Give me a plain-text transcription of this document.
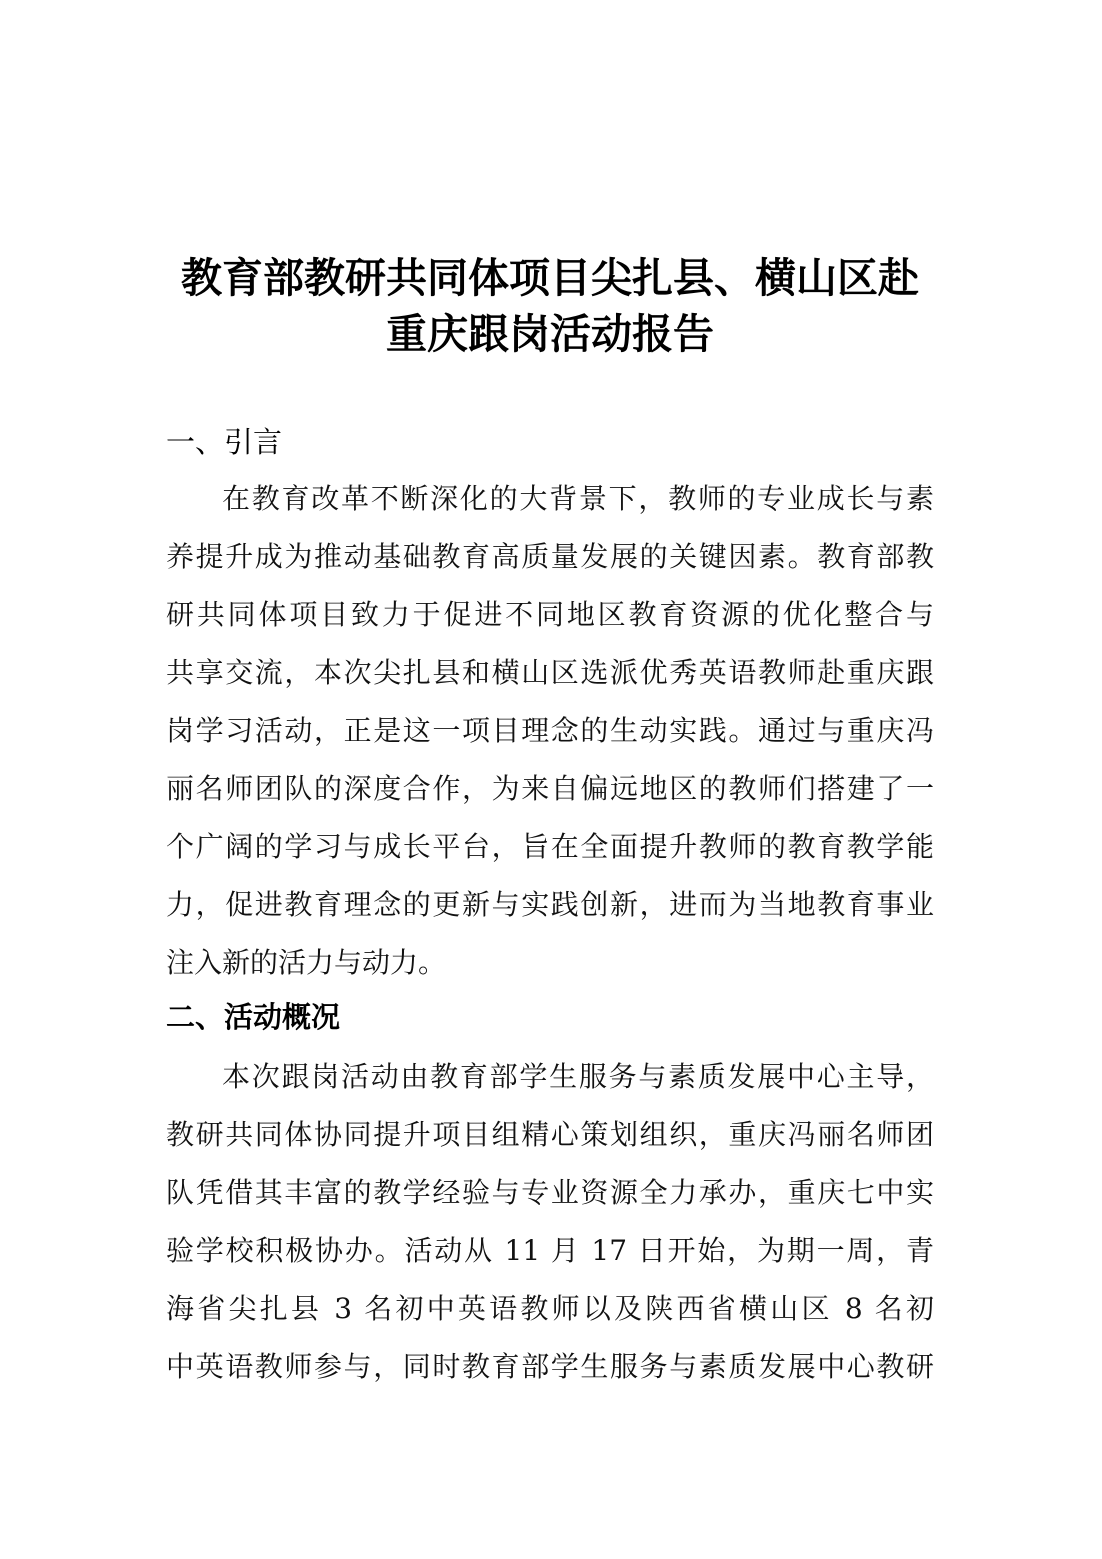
教育部教研共同体项目尖扎县、横山区赴
重庆跟岗活动报告
一、引言
在教育改革不断深化的大背景下，教师的专业成长与素
养提升成为推动基础教育高质量发展的关键因素。教育部教
研共同体项目致力于促进不同地区教育资源的优化整合与
共享交流，本次尖扎县和横山区选派优秀英语教师赴重庆跟
岗学习活动，正是这一项目理念的生动实践。通过与重庆冯
丽名师团队的深度合作，为来自偏远地区的教师们搭建了一
个广阔的学习与成长平台，旨在全面提升教师的教育教学能
力，促进教育理念的更新与实践创新，进而为当地教育事业
注入新的活力与动力。
二、活动概况
本次跟岗活动由教育部学生服务与素质发展中心主导，
教研共同体协同提升项目组精心策划组织，重庆冯丽名师团
队凭借其丰富的教学经验与专业资源全力承办，重庆七中实
验学校积极协办。活动从 11 月 17 日开始，为期一周，青
海省尖扎县 3 名初中英语教师以及陕西省横山区 8 名初
中英语教师参与，同时教育部学生服务与素质发展中心教研
